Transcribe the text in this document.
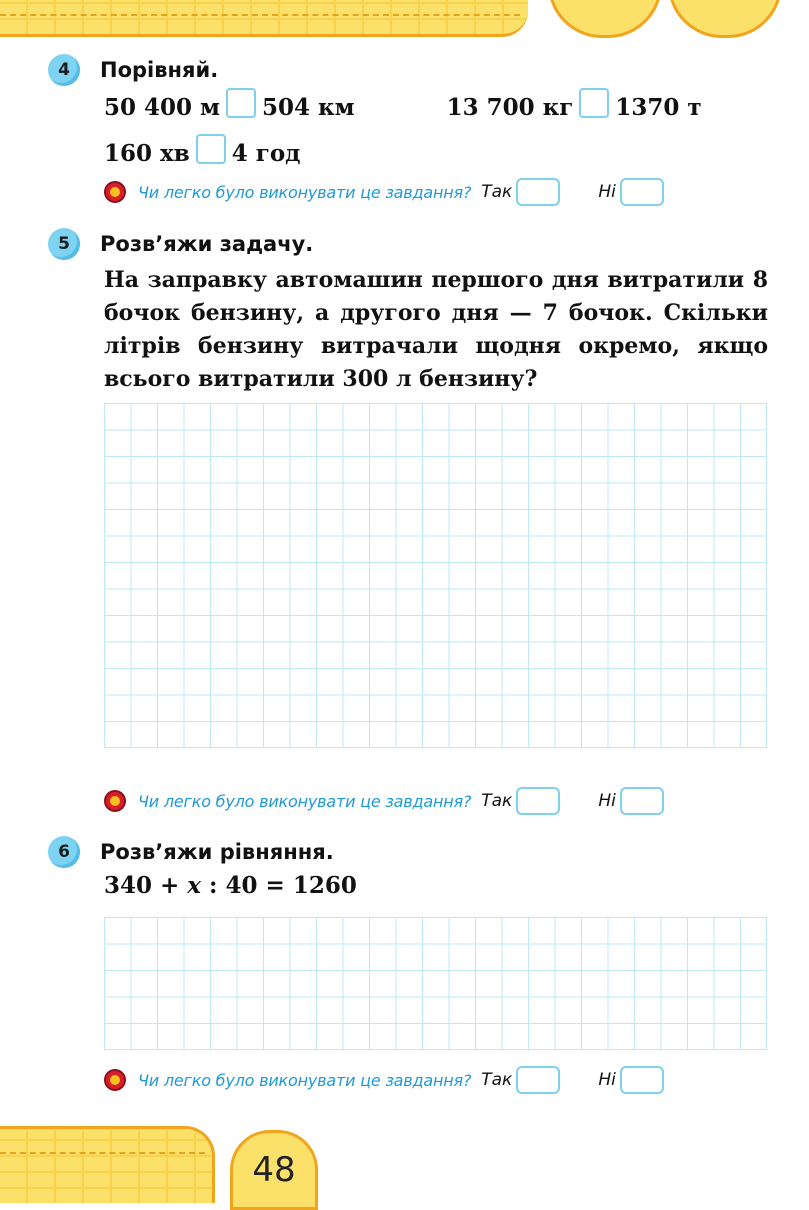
4	Порівняй.
50 400 м 504 км	13 700 кг 1370 т
160 хв 4 год
Чи легко було виконувати це завдання? Так	Ні
5	Розв’яжи задачу.
На заправку автомашин першого дня витратили 8 бочок бензину, а другого дня — 7 бочок. Скільки літрів бензину витрачали щодня окремо, якщо всього витратили 300 л бензину?
Чи легко було виконувати це завдання? Так	Ні
6	Розв’яжи рівняння.
340 + x : 40 = 1260
Чи легко було виконувати це завдання? Так	Ні
48
